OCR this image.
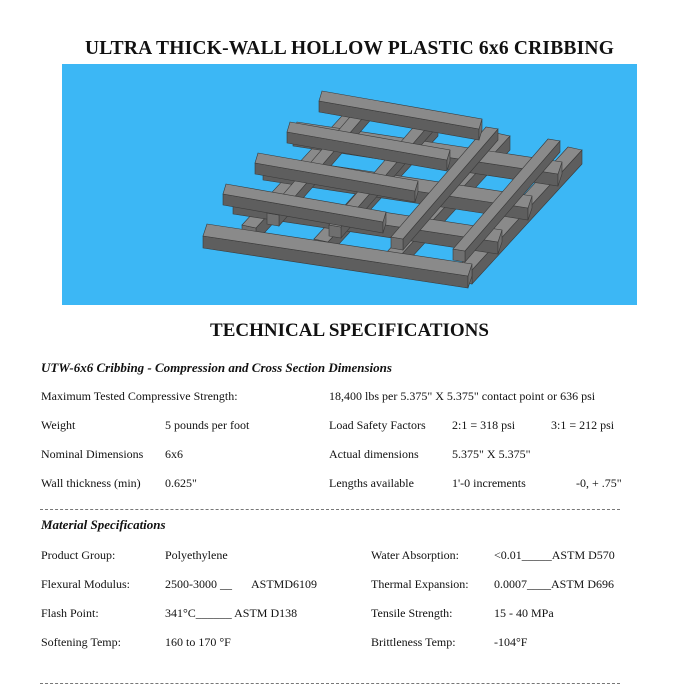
ULTRA THICK-WALL HOLLOW PLASTIC 6x6 CRIBBING
TECHNICAL SPECIFICATIONS
UTW-6x6 Cribbing - Compression and Cross Section Dimensions
Maximum Tested Compressive Strength:	18,400 lbs per 5.375" X 5.375" contact point or 636 psi
Weight	5 pounds per foot	Load Safety Factors 2:1 = 318 psi	3:1 = 212 psi
Nominal Dimensions 6x6	Actual dimensions	5.375" X 5.375"
Wall thickness (min) 0.625"	Lengths available	1'-0 increments	-0, + .75"
Material Specifications
Product Group:	Polyethylene	Water Absorption:	<0.01_____ASTM D570
Flexural Modulus:	2500-3000 __ ASTMD6109	Thermal Expansion: 0.0007____ASTM D696
Flash Point:	341°C______ ASTM D138	Tensile Strength:	15 - 40 MPa
Softening Temp:	160 to 170 °F	Brittleness Temp:	-104°F
